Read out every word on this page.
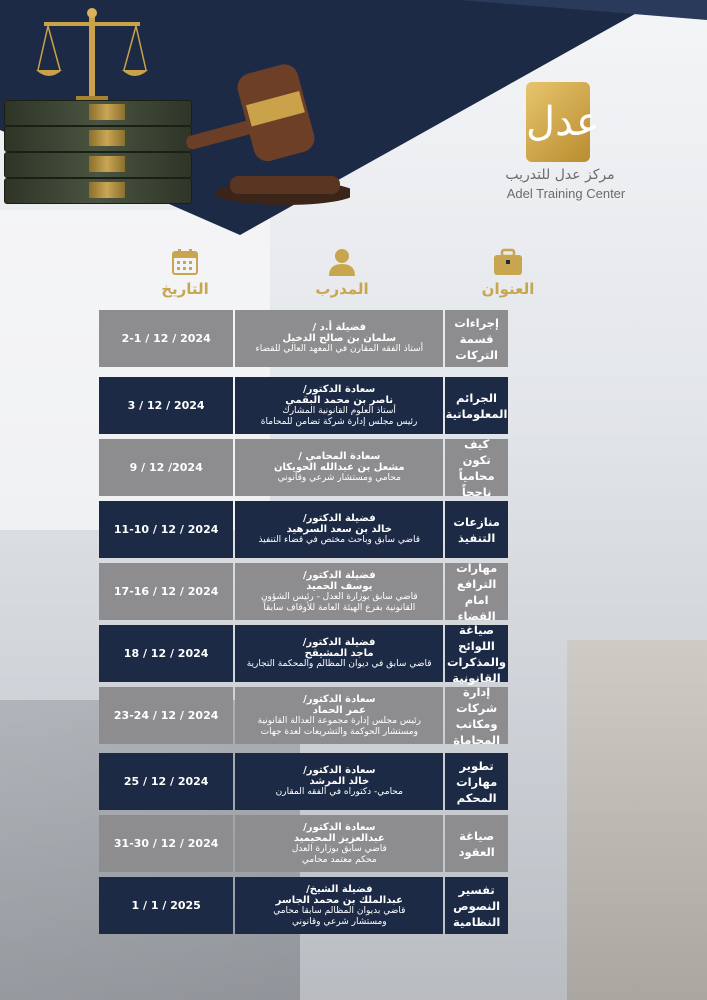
عدل
مركز عدل للتدريب
Adel Training Center
العنوان
المدرب
التاريخ
2024 / 12 / 2-1
فضيلة أ.د /
سلمان بن صالح الدخيل
أستاذ الفقه المقارن في المعهد العالي للقضاء
إجراءات قسمة التركات
2024 / 12 / 3
سعادة الدكتور/
ناصر بن محمد البقمي
أستاذ العلوم القانونية المشارك
رئيس مجلس إدارة شركة تضامن للمحاماة
الجرائم المعلوماتية
2024/ 12 / 9
سعادة المحامي /
مشعل بن عبدالله الحويكان
محامي ومستشار شرعي وقانوني
كيف تكون محامياً ناجحاً
2024 / 12 / 11-10
فضيلة الدكتور/
خالد بن سعد السرهيد
قاضي سابق وباحث مختص في قضاء التنفيذ
منازعات التنفيذ
2024 / 12 / 17-16
فضيلة الدكتور/
يوسف الحميد
قاضي سابق بوزارة العدل - رئيس الشؤون
القانونية بفرع الهيئة العامة للأوقاف سابقاً
مهارات الترافع امام القضاء
2024 / 12 / 18
فضيلة الدكتور/
ماجد المشيقح
قاضي سابق في ديوان المظالم والمحكمة التجارية
صياغة اللوائح والمذكرات القانونية
2024 / 12 / 23-24
سعادة الدكتور/
عمر الحماد
رئيس مجلس إدارة مجموعة العدالة القانونية
ومستشار الحوكمة والتشريعات لعدة جهات
إدارة شركات ومكاتب المحاماة
2024 / 12 / 25
سعادة الدكتور/
خالد المرشد
محامي- دكتوراه في الفقه المقارن
تطوير مهارات المحكم
2024 / 12 / 31-30
سعادة الدكتور/
عبدالعزيز المحيميد
قاضي سابق بوزارة العدل
محكم معتمد محامي
صياغة العقود
2025 / 1 / 1
فضيلة الشيخ/
عبدالملك بن محمد الجاسر
قاضي بديوان المظالم سابقا محامي
ومستشار شرعي وقانوني
تفسير النصوص النظامية
